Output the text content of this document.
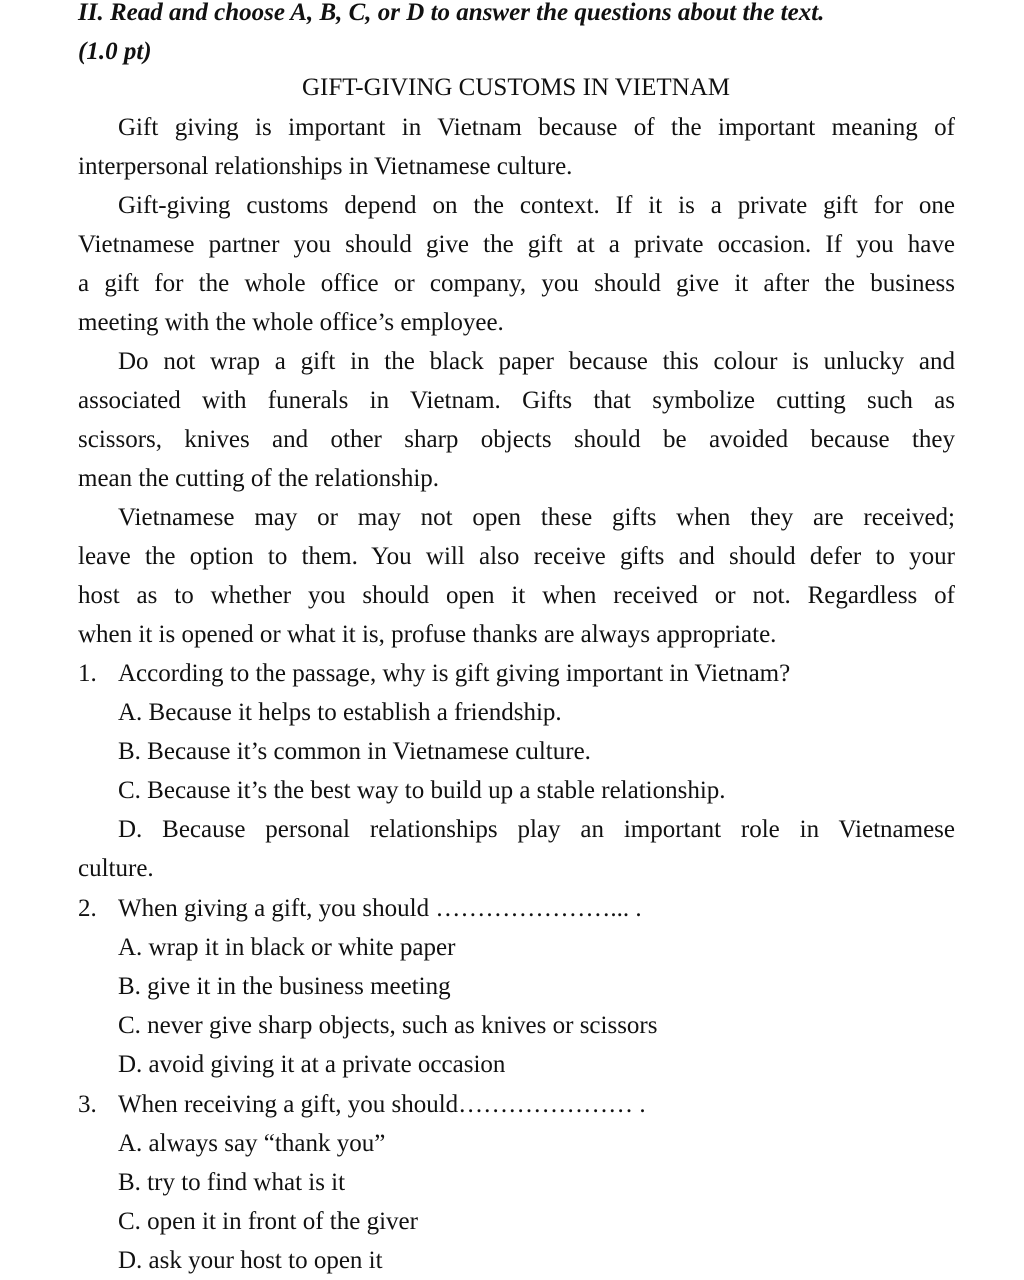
II. Read and choose A, B, C, or D to answer the questions about the text.
(1.0 pt)
GIFT-GIVING CUSTOMS IN VIETNAM
Gift giving is important in Vietnam because of the important meaning of
interpersonal relationships in Vietnamese culture.
Gift-giving customs depend on the context. If it is a private gift for one
Vietnamese partner you should give the gift at a private occasion. If you have
a gift for the whole office or company, you should give it after the business
meeting with the whole office’s employee.
Do not wrap a gift in the black paper because this colour is unlucky and
associated with funerals in Vietnam. Gifts that symbolize cutting such as
scissors, knives and other sharp objects should be avoided because they
mean the cutting of the relationship.
Vietnamese may or may not open these gifts when they are received;
leave the option to them. You will also receive gifts and should defer to your
host as to whether you should open it when received or not. Regardless of
when it is opened or what it is, profuse thanks are always appropriate.
1. According to the passage, why is gift giving important in Vietnam?
A. Because it helps to establish a friendship.
B. Because it’s common in Vietnamese culture.
C. Because it’s the best way to build up a stable relationship.
D. Because personal relationships play an important role in Vietnamese
culture.
2. When giving a gift, you should …………………... .
A. wrap it in black or white paper
B. give it in the business meeting
C. never give sharp objects, such as knives or scissors
D. avoid giving it at a private occasion
3. When receiving a gift, you should………………… .
A. always say “thank you”
B. try to find what is it
C. open it in front of the giver
D. ask your host to open it
